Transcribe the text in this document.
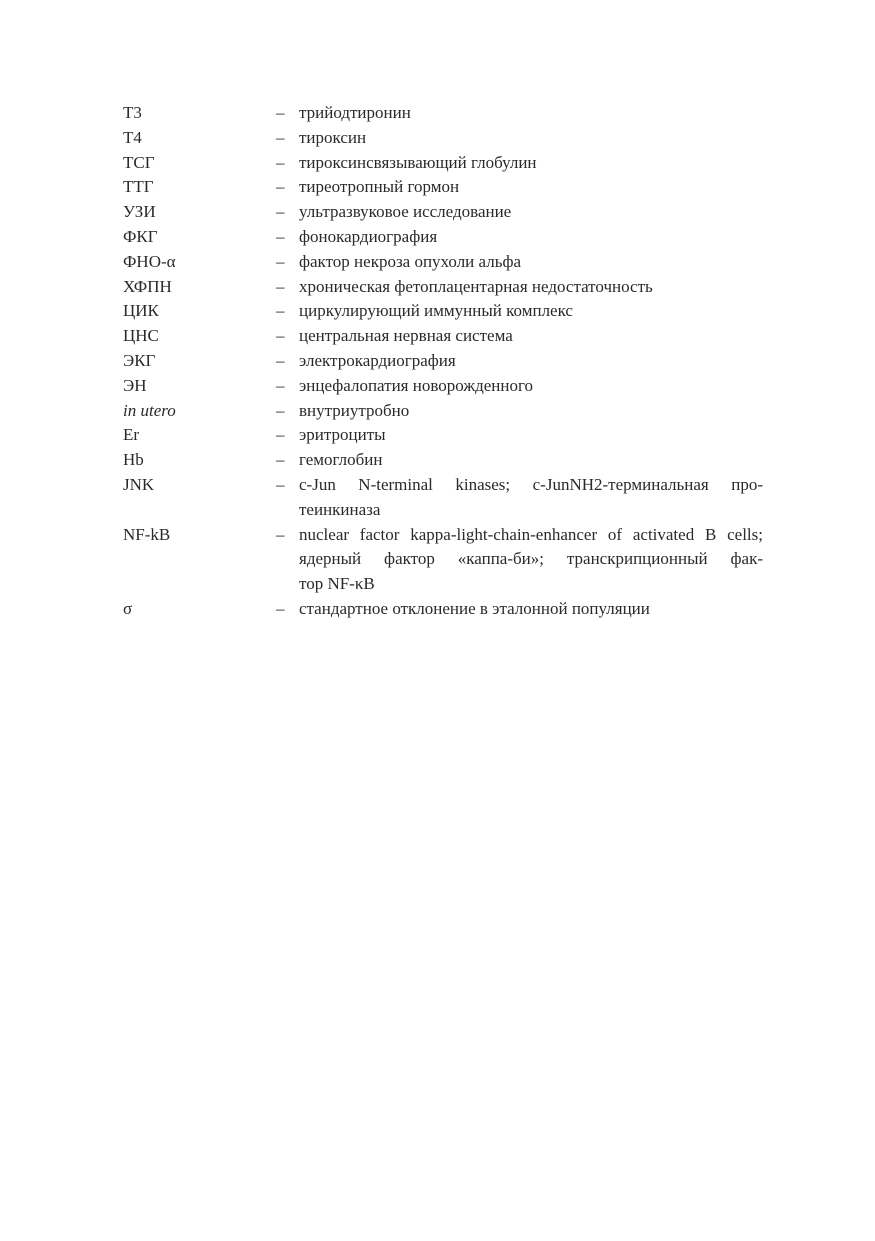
Т3	– трийодтиронин
Т4	– тироксин
ТСГ	– тироксинсвязывающий глобулин
ТТГ	– тиреотропный гормон
УЗИ	– ультразвуковое исследование
ФКГ	– фонокардиография
ФНО-α	– фактор некроза опухоли альфа
ХФПН	– хроническая фетоплацентарная недостаточность
ЦИК	– циркулирующий иммунный комплекс
ЦНС	– центральная нервная система
ЭКГ	– электрокардиография
ЭН	– энцефалопатия новорожденного
in utero	– внутриутробно
Er	– эритроциты
Hb	– гемоглобин
JNK	– c-Jun N-terminal kinases; c-JunNH2-терминальная про-
теинкиназа
NF-kB	– nuclear factor kappa-light-chain-enhancer of activated B cells;
ядерный фактор «каппа-би»; транскрипционный фак-
тор NF-κB
σ	– стандартное отклонение в эталонной популяции
